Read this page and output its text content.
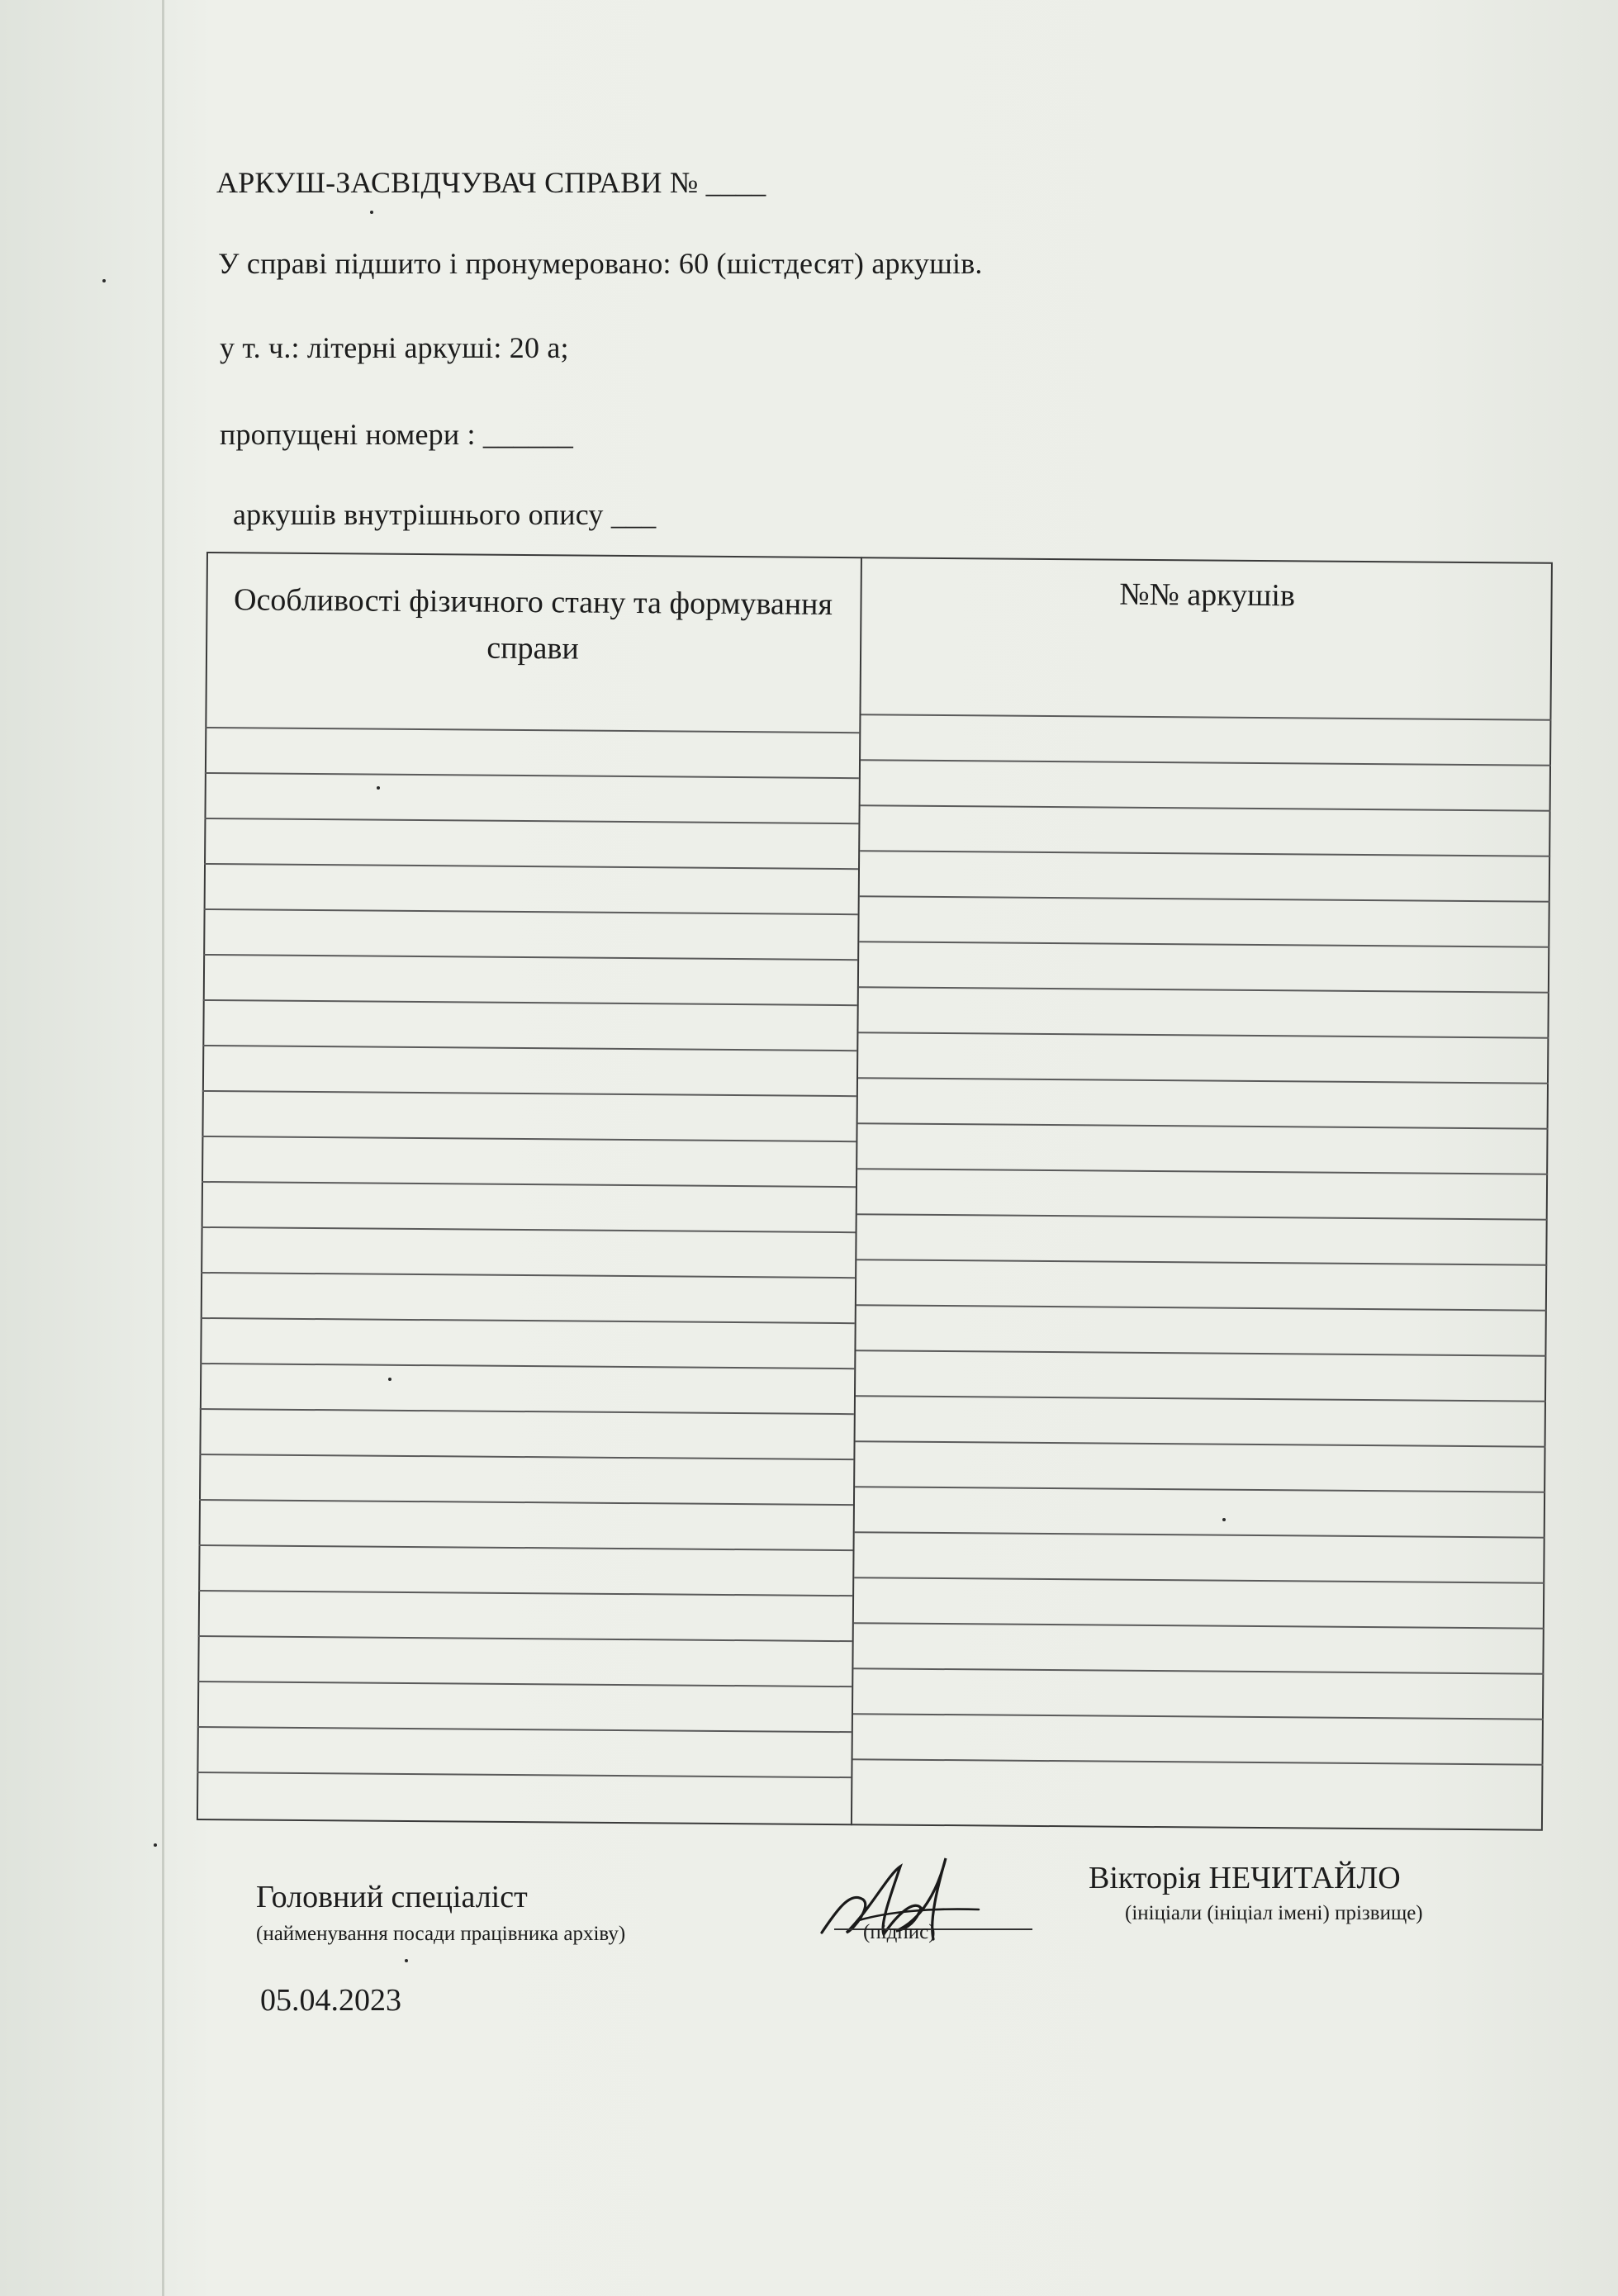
АРКУШ-ЗАСВІДЧУВАЧ СПРАВИ № ____
У справі підшито і пронумеровано: 60 (шістдесят) аркушів.
у т. ч.: літерні аркуші: 20 а;
пропущені номери : ______
аркушів внутрішнього опису ___
Особливості фізичного стану та формування справи
№№ аркушів
Головний спеціаліст
(найменування посади працівника архіву)	(підпис)
Вікторія НЕЧИТАЙЛО
(ініціали (ініціал імені) прізвище)
05.04.2023
